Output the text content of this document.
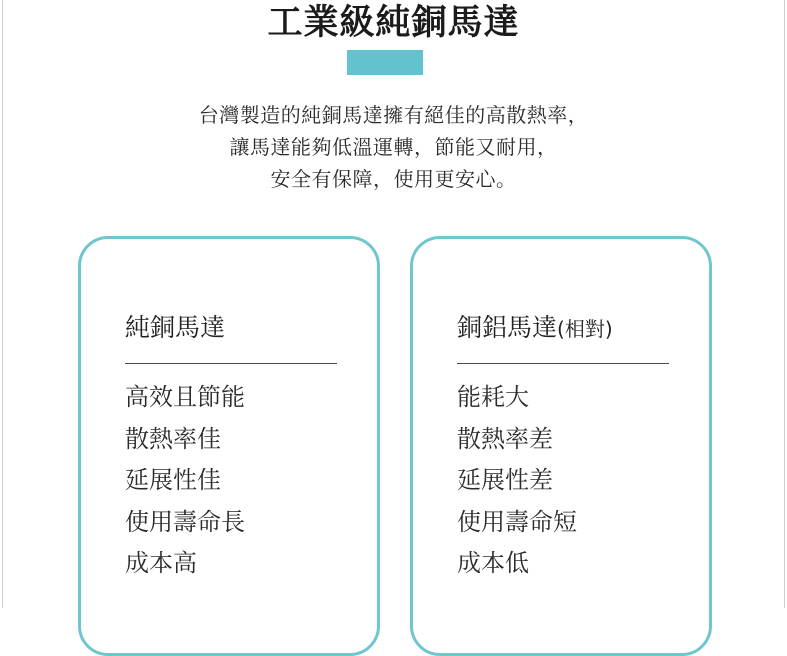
工業級純銅馬達
台灣製造的純銅馬達擁有絕佳的高散熱率，
讓馬達能夠低溫運轉，節能又耐用，
安全有保障，使用更安心。
純銅馬達
高效且節能
散熱率佳
延展性佳
使用壽命長
成本高
銅鋁馬達(相對)
能耗大
散熱率差
延展性差
使用壽命短
成本低
